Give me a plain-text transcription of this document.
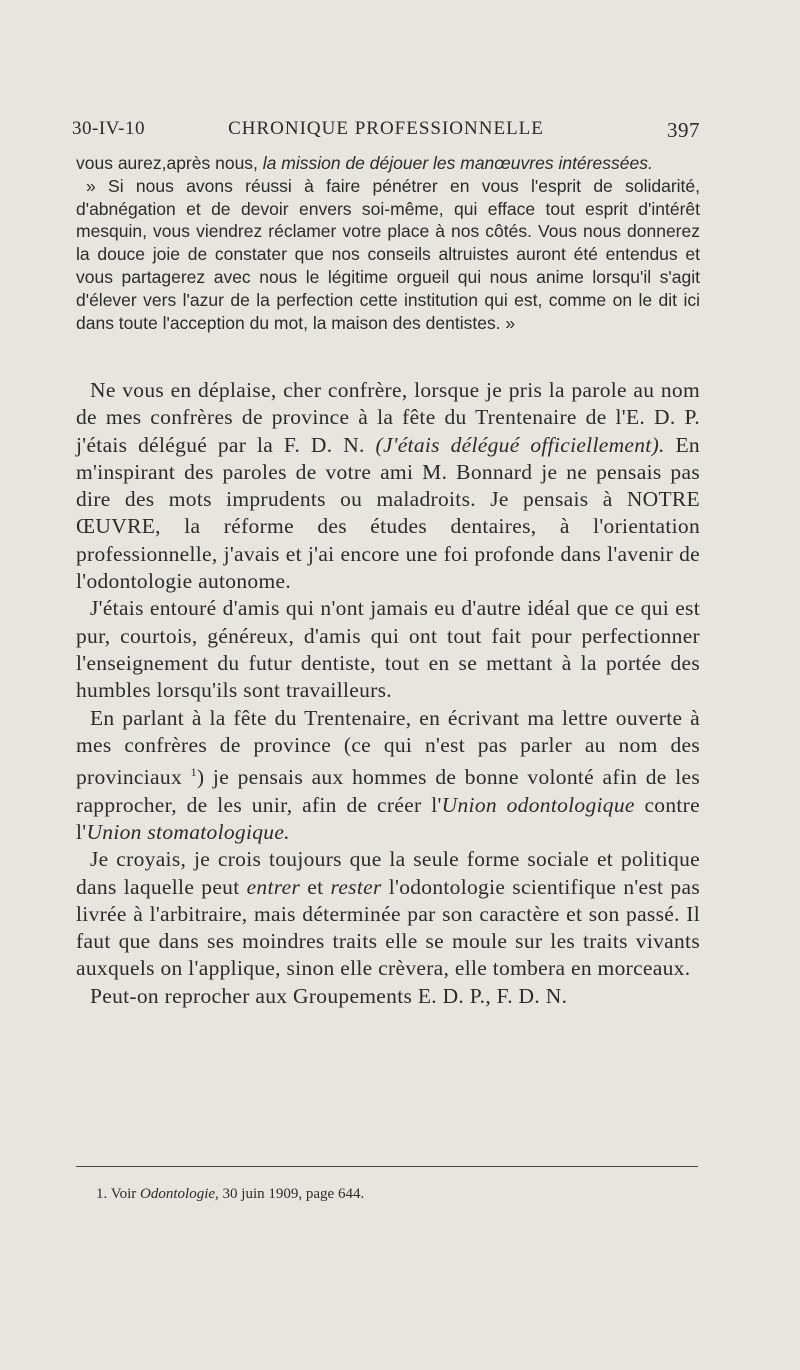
30-IV-10	CHRONIQUE PROFESSIONNELLE	397

vous aurez,après nous, la mission de déjouer les manœuvres intéressées.

» Si nous avons réussi à faire pénétrer en vous l'esprit de solidarité, d'abnégation et de devoir envers soi-même, qui efface tout esprit d'intérêt mesquin, vous viendrez réclamer votre place à nos côtés. Vous nous donnerez la douce joie de constater que nos conseils altruistes auront été entendus et vous partagerez avec nous le légitime orgueil qui nous anime lorsqu'il s'agit d'élever vers l'azur de la perfection cette institution qui est, comme on le dit ici dans toute l'acception du mot, la maison des dentistes. »

Ne vous en déplaise, cher confrère, lorsque je pris la parole au nom de mes confrères de province à la fête du Trentenaire de l'E. D. P. j'étais délégué par la F. D. N. (J'étais délégué officiellement). En m'inspirant des paroles de votre ami M. Bonnard je ne pensais pas dire des mots imprudents ou maladroits. Je pensais à NOTRE ŒUVRE, la réforme des études dentaires, à l'orientation professionnelle, j'avais et j'ai encore une foi profonde dans l'avenir de l'odontologie autonome.

J'étais entouré d'amis qui n'ont jamais eu d'autre idéal que ce qui est pur, courtois, généreux, d'amis qui ont tout fait pour perfectionner l'enseignement du futur dentiste, tout en se mettant à la portée des humbles lorsqu'ils sont travailleurs.

En parlant à la fête du Trentenaire, en écrivant ma lettre ouverte à mes confrères de province (ce qui n'est pas parler au nom des provinciaux $^1$) je pensais aux hommes de bonne volonté afin de les rapprocher, de les unir, afin de créer l'Union odontologique contre l'Union stomatologique.

Je croyais, je crois toujours que la seule forme sociale et politique dans laquelle peut entrer et rester l'odontologie scientifique n'est pas livrée à l'arbitraire, mais déterminée par son caractère et son passé. Il faut que dans ses moindres traits elle se moule sur les traits vivants auxquels on l'applique, sinon elle crèvera, elle tombera en morceaux.

Peut-on reprocher aux Groupements E. D. P., F. D. N.

1. Voir Odontologie, 30 juin 1909, page 644.
